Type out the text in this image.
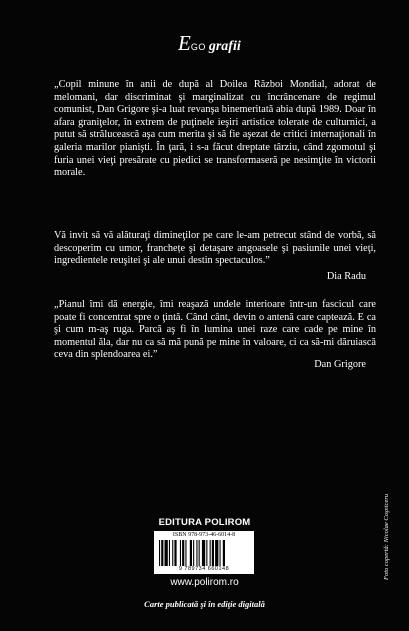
EGO grafii

„Copil minune în anii de după al Doilea Război Mondial, adorat de melomani, dar discriminat şi marginalizat cu încrâncenare de regimul comunist, Dan Grigore şi-a luat revanşa binemeritată abia după 1989. Doar în afara graniţelor, în extrem de puţinele ieşiri artistice tolerate de culturnici, a putut să strălucească aşa cum merita şi să fie aşezat de critici internaţionali în galeria marilor pianişti. În ţară, i s-a făcut dreptate târziu, când zgomotul şi furia unei vieţi presărate cu piedici se transformaseră pe nesimţite în victorii morale.

Vă invit să vă alăturaţi dimineţilor pe care le-am petrecut stând de vorbă, să descoperim cu umor, franchețe şi detaşare angoasele şi pasiunile unei vieţi, ingredientele reuşitei şi ale unui destin spectaculos.”

Dia Radu

„Pianul îmi dă energie, îmi reaşază undele interioare într-un fascicul care poate fi concentrat spre o ţintă. Când cânt, devin o antenă care captează. E ca şi cum m-aş ruga. Parcă aş fi în lumina unei raze care cade pe mine în momentul ăla, dar nu ca să mă pună pe mine în valoare, ci ca să-mi dăruiască ceva din splendoarea ei.”

Dan Grigore
EDITURA POLIROM
ISBN 978-973-46-6014-8
9 789734 660148
www.polirom.ro
Carte publicată şi în ediţie digitală
Foto copertă: Nicolae Coşniceru
